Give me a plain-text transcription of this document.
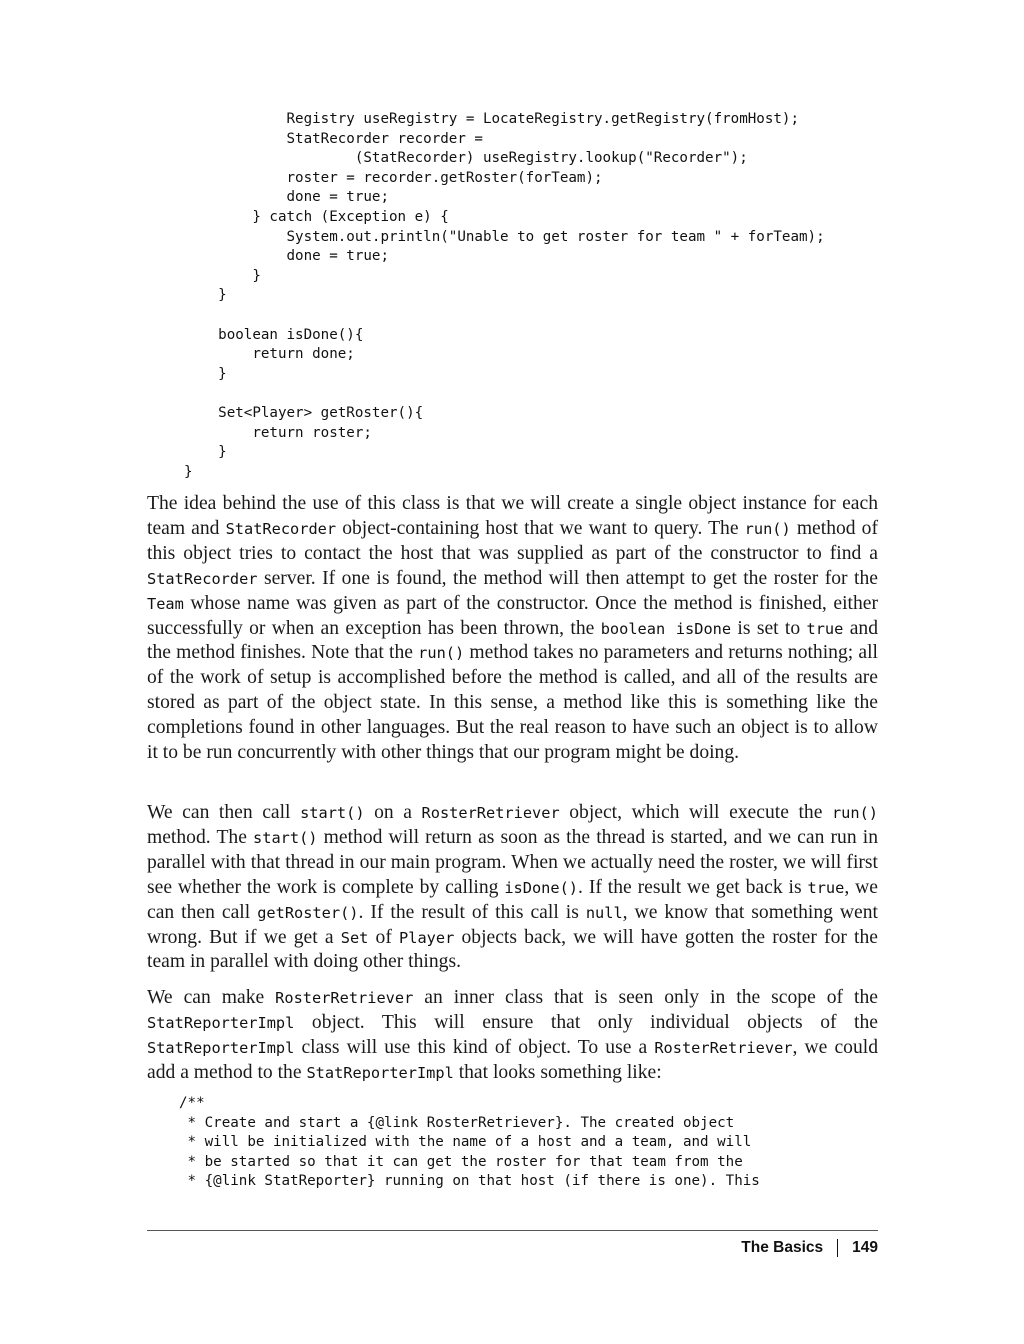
Registry useRegistry = LocateRegistry.getRegistry(fromHost);
StatRecorder recorder =
(StatRecorder) useRegistry.lookup("Recorder");
roster = recorder.getRoster(forTeam);
done = true;
} catch (Exception e) {
System.out.println("Unable to get roster for team " + forTeam);
done = true;
}
}
boolean isDone(){
return done;
}
Set<Player> getRoster(){
return roster;
}
}

The idea behind the use of this class is that we will create a single object instance for each team and StatRecorder object-containing host that we want to query. The run() method of this object tries to contact the host that was supplied as part of the constructor to find a StatRecorder server. If one is found, the method will then attempt to get the roster for the Team whose name was given as part of the constructor. Once the method is finished, either successfully or when an exception has been thrown, the boolean isDone is set to true and the method finishes. Note that the run() method takes no parameters and returns nothing; all of the work of setup is accomplished before the method is called, and all of the results are stored as part of the object state. In this sense, a method like this is something like the completions found in other languages. But the real reason to have such an object is to allow it to be run concurrently with other things that our program might be doing.

We can then call start() on a RosterRetriever object, which will execute the run() method. The start() method will return as soon as the thread is started, and we can run in parallel with that thread in our main program. When we actually need the roster, we will first see whether the work is complete by calling isDone(). If the result we get back is true, we can then call getRoster(). If the result of this call is null, we know that something went wrong. But if we get a Set of Player objects back, we will have gotten the roster for the team in parallel with doing other things.

We can make RosterRetriever an inner class that is seen only in the scope of the StatReporterImpl object. This will ensure that only individual objects of the StatReporterImpl class will use this kind of object. To use a RosterRetriever, we could add a method to the StatReporterImpl that looks something like:

/**
* Create and start a {@link RosterRetriever}. The created object
* will be initialized with the name of a host and a team, and will
* be started so that it can get the roster for that team from the
* {@link StatReporter} running on that host (if there is one). This
The Basics 149
